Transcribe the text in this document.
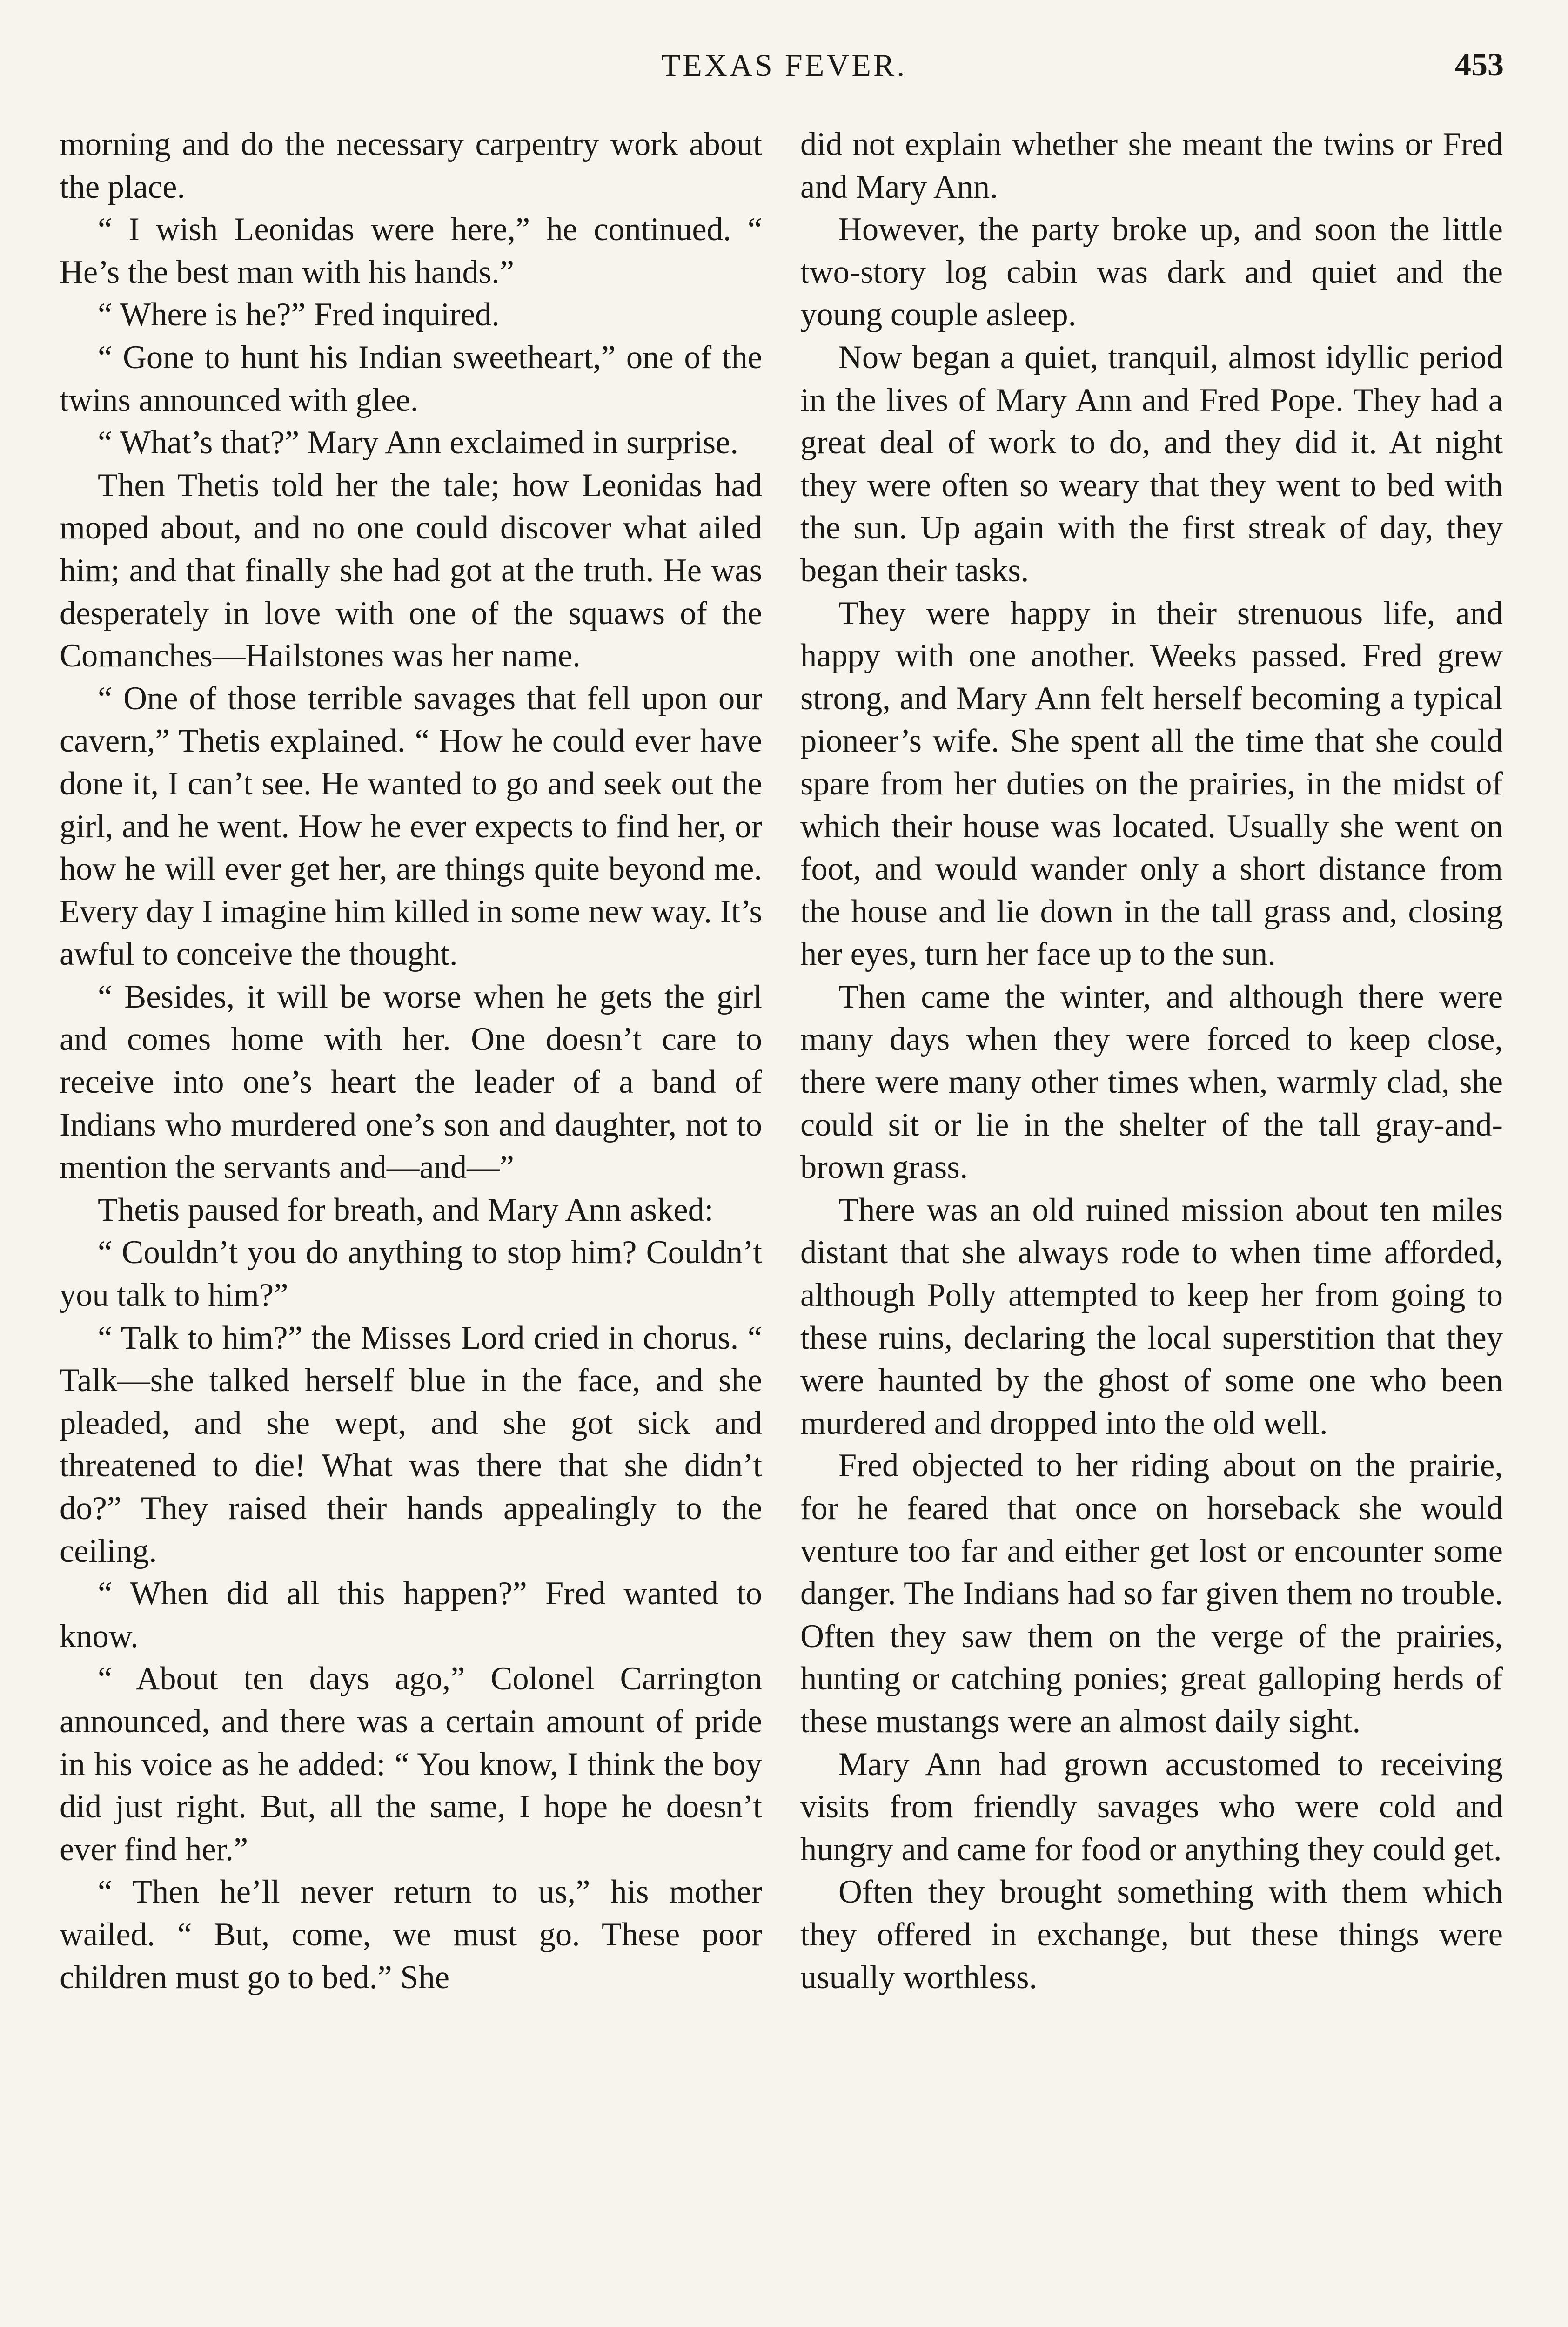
TEXAS FEVER.	453

morning and do the necessary carpentry work about the place.

“ I wish Leonidas were here,” he continued. “ He’s the best man with his hands.”

“ Where is he?” Fred inquired.

“ Gone to hunt his Indian sweetheart,” one of the twins announced with glee.

“ What’s that?” Mary Ann exclaimed in surprise.

Then Thetis told her the tale; how Leonidas had moped about, and no one could discover what ailed him; and that finally she had got at the truth. He was desperately in love with one of the squaws of the Comanches—Hailstones was her name.

“ One of those terrible savages that fell upon our cavern,” Thetis explained. “ How he could ever have done it, I can’t see. He wanted to go and seek out the girl, and he went. How he ever expects to find her, or how he will ever get her, are things quite beyond me. Every day I imagine him killed in some new way. It’s awful to conceive the thought.

“ Besides, it will be worse when he gets the girl and comes home with her. One doesn’t care to receive into one’s heart the leader of a band of Indians who murdered one’s son and daughter, not to mention the servants and—and—”

Thetis paused for breath, and Mary Ann asked:

“ Couldn’t you do anything to stop him? Couldn’t you talk to him?”

“ Talk to him?” the Misses Lord cried in chorus. “ Talk—she talked herself blue in the face, and she pleaded, and she wept, and she got sick and threatened to die! What was there that she didn’t do?” They raised their hands appealingly to the ceiling.

“ When did all this happen?” Fred wanted to know.

“ About ten days ago,” Colonel Carrington announced, and there was a certain amount of pride in his voice as he added: “ You know, I think the boy did just right. But, all the same, I hope he doesn’t ever find her.”

“ Then he’ll never return to us,” his mother wailed. “ But, come, we must go. These poor children must go to bed.” She

did not explain whether she meant the twins or Fred and Mary Ann.

However, the party broke up, and soon the little two-story log cabin was dark and quiet and the young couple asleep.

Now began a quiet, tranquil, almost idyllic period in the lives of Mary Ann and Fred Pope. They had a great deal of work to do, and they did it. At night they were often so weary that they went to bed with the sun. Up again with the first streak of day, they began their tasks.

They were happy in their strenuous life, and happy with one another. Weeks passed. Fred grew strong, and Mary Ann felt herself becoming a typical pioneer’s wife. She spent all the time that she could spare from her duties on the prairies, in the midst of which their house was located. Usually she went on foot, and would wander only a short distance from the house and lie down in the tall grass and, closing her eyes, turn her face up to the sun.

Then came the winter, and although there were many days when they were forced to keep close, there were many other times when, warmly clad, she could sit or lie in the shelter of the tall gray-and-brown grass.

There was an old ruined mission about ten miles distant that she always rode to when time afforded, although Polly attempted to keep her from going to these ruins, declaring the local superstition that they were haunted by the ghost of some one who been murdered and dropped into the old well.

Fred objected to her riding about on the prairie, for he feared that once on horseback she would venture too far and either get lost or encounter some danger. The Indians had so far given them no trouble. Often they saw them on the verge of the prairies, hunting or catching ponies; great galloping herds of these mustangs were an almost daily sight.

Mary Ann had grown accustomed to receiving visits from friendly savages who were cold and hungry and came for food or anything they could get.

Often they brought something with them which they offered in exchange, but these things were usually worthless.
